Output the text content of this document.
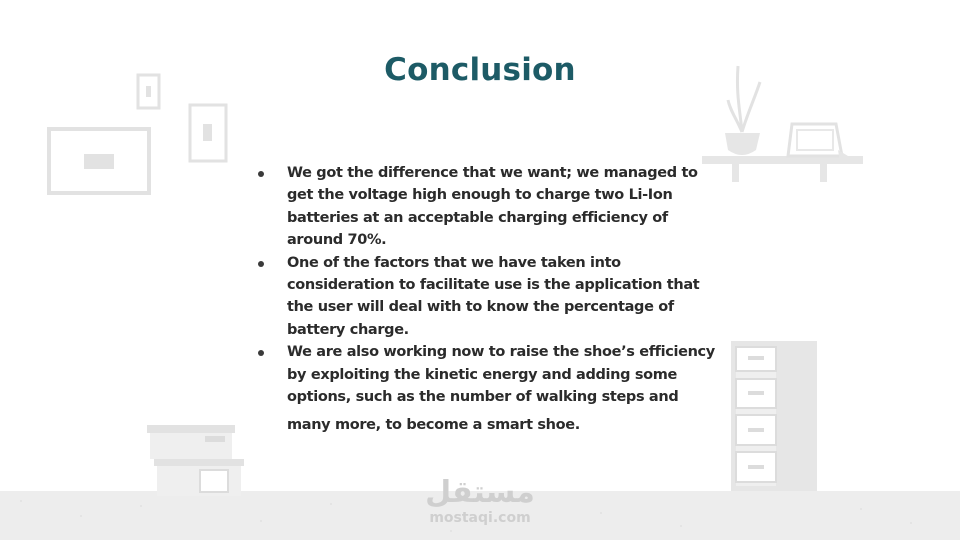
Conclusion
We got the difference that we want; we managed to get the voltage high enough to charge two Li-Ion batteries at an acceptable charging efficiency of around 70%.
One of the factors that we have taken into consideration to facilitate use is the application that the user will deal with to know the percentage of battery charge.
We are also working now to raise the shoe’s efficiency by exploiting the kinetic energy and adding some options, such as the number of walking steps and
many more, to become a smart shoe.
مستقل
mostaqi.com
